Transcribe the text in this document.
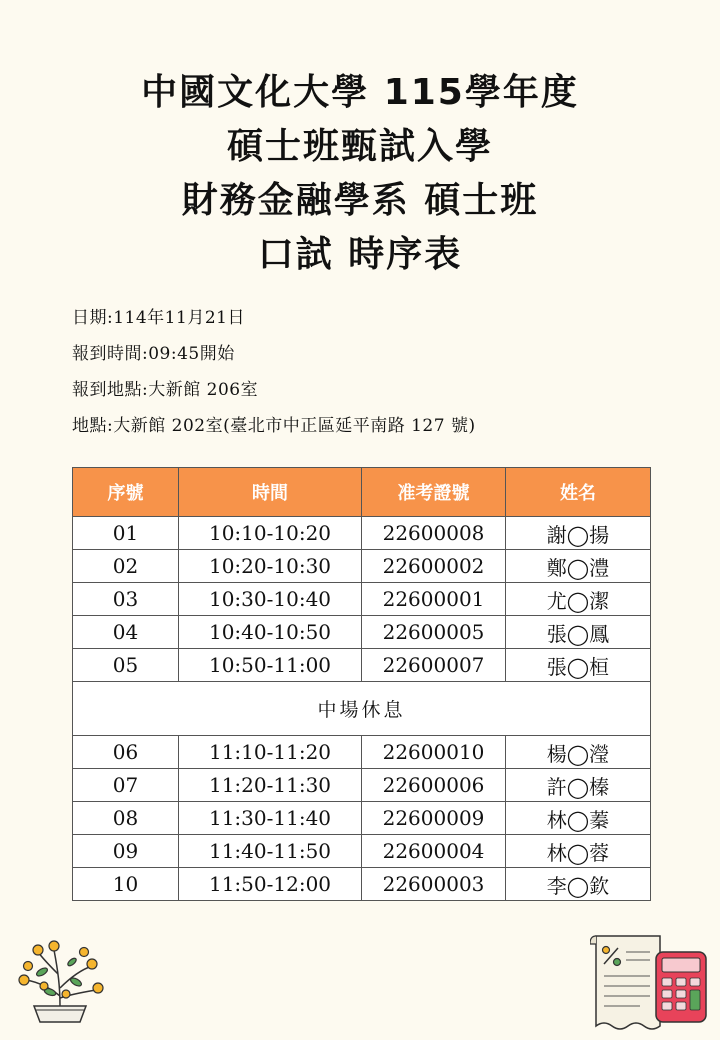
中國文化大學 115學年度

碩士班甄試入學

財務金融學系 碩士班

口試 時序表

日期:114年11月21日
報到時間:09:45開始
報到地點:大新館 206室
地點:大新館 202室(臺北市中正區延平南路 127 號)
序號	時間	准考證號	姓名
01	10:10-10:20	22600008	謝◯揚
02	10:20-10:30	22600002	鄭◯澧
03	10:30-10:40	22600001	尤◯潔
04	10:40-10:50	22600005	張◯鳳
05	10:50-11:00	22600007	張◯桓
中場休息			
06	11:10-11:20	22600010	楊◯瀅
07	11:20-11:30	22600006	許◯榛
08	11:30-11:40	22600009	林◯蓁
09	11:40-11:50	22600004	林◯蓉
10	11:50-12:00	22600003	李◯欽
